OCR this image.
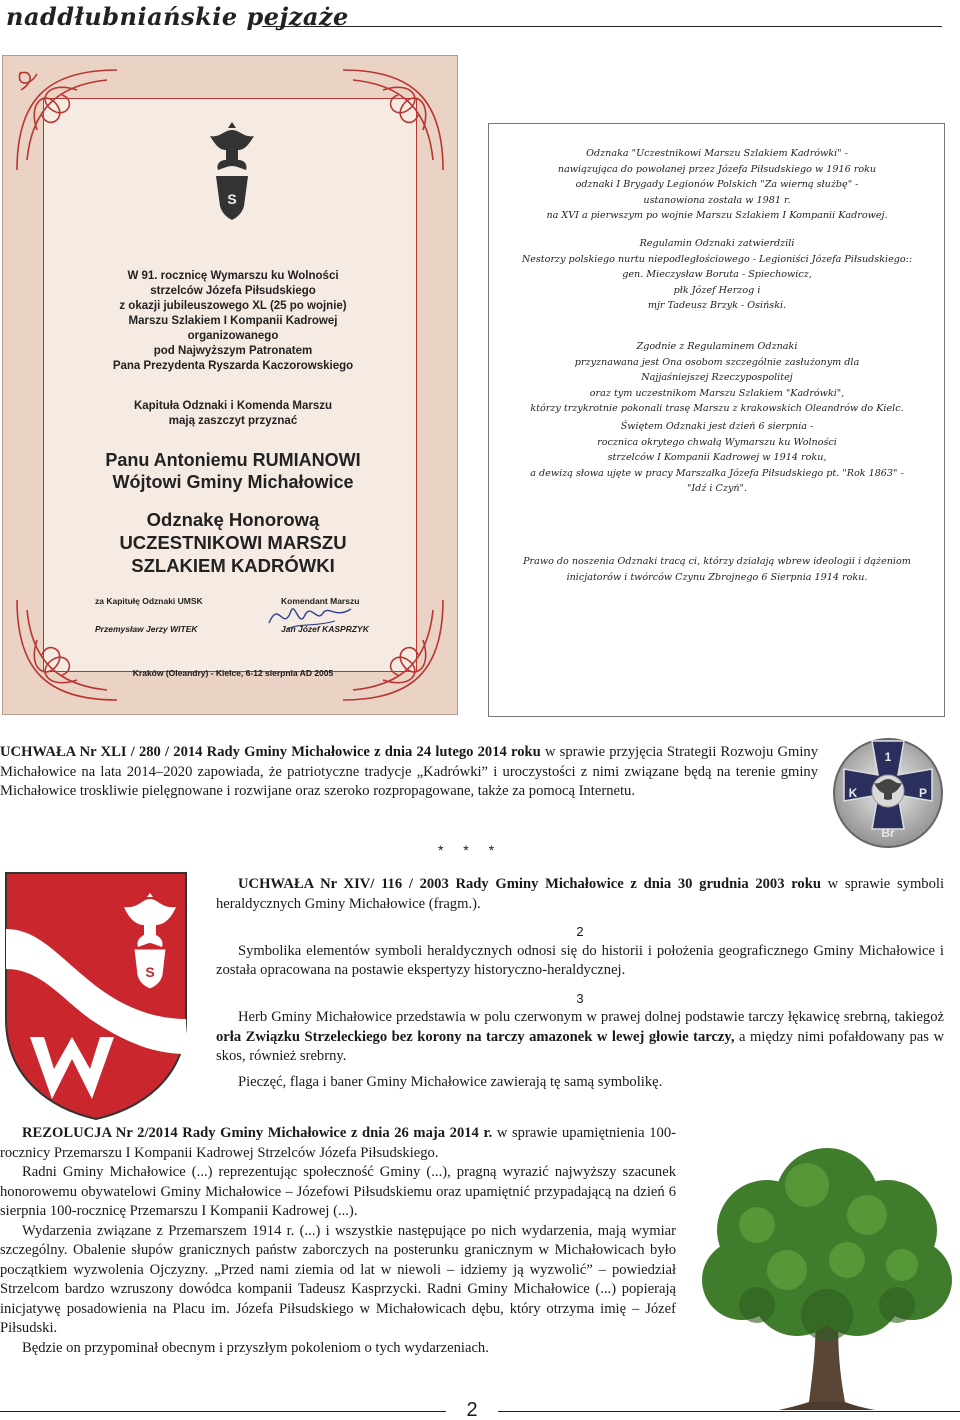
naddłubniańskie pejzaże
S
W 91. rocznicę Wymarszu ku Wolności
strzelców Józefa Piłsudskiego
z okazji jubileuszowego XL (25 po wojnie)
Marszu Szlakiem I Kompanii Kadrowej
organizowanego
pod Najwyższym Patronatem
Pana Prezydenta Ryszarda Kaczorowskiego
Kapituła Odznaki i Komenda Marszu
mają zaszczyt przyznać
Panu Antoniemu RUMIANOWI
Wójtowi Gminy Michałowice
Odznakę Honorową
UCZESTNIKOWI MARSZU
SZLAKIEM KADRÓWKI
za Kapitułę Odznaki UMSK
Przemysław Jerzy WITEK
Komendant Marszu
Jan Józef KASPRZYK
Kraków (Oleandry) - Kielce, 6-12 sierpnia AD 2005
Odznaka "Uczestnikowi Marszu Szlakiem Kadrówki" -
nawiązująca do powołanej przez Józefa Piłsudskiego w 1916 roku
odznaki I Brygady Legionów Polskich "Za wierną służbę" -
ustanowiona została w 1981 r.
na XVI a pierwszym po wojnie Marszu Szlakiem I Kompanii Kadrowej.
Regulamin Odznaki zatwierdzili
Nestorzy polskiego nurtu niepodległościowego - Legioniści Józefa Piłsudskiego::
gen. Mieczysław Boruta - Spiechowicz,
płk Józef Herzog i
mjr Tadeusz Brzyk - Osiński.
Zgodnie z Regulaminem Odznaki
przyznawana jest Ona osobom szczególnie zasłużonym dla
Najjaśniejszej Rzeczypospolitej
oraz tym uczestnikom Marszu Szlakiem "Kadrówki",
którzy trzykrotnie pokonali trasę Marszu z krakowskich Oleandrów do Kielc.
Świętem Odznaki jest dzień 6 sierpnia -
rocznica okrytego chwałą Wymarszu ku Wolności
strzelców I Kompanii Kadrowej w 1914 roku,
a dewizą słowa ujęte w pracy Marszałka Józefa Piłsudskiego pt. "Rok 1863" -
"Idź i Czyń".
Prawo do noszenia Odznaki tracą ci, którzy działają wbrew ideologii i dążeniom
inicjatorów i twórców Czynu Zbrojnego 6 Sierpnia 1914 roku.
UCHWAŁA Nr XLI / 280 / 2014 Rady Gminy Michałowice z dnia 24 lutego 2014 roku w sprawie przyjęcia Strategii Rozwoju Gminy Michałowice na lata 2014–2020 zapowiada, że patriotyczne tradycje „Kadrówki” i uroczystości z nimi związane będą na terenie gminy Michałowice troskliwie pielęgnowane i rozwijane oraz szeroko rozpropagowane, także za pomocą Internetu.
1
K	P
Br
* * *
S
UCHWAŁA Nr XIV/ 116 / 2003 Rady Gminy Michałowice z dnia 30 grudnia 2003 roku w sprawie symboli heraldycznych Gminy Michałowice (fragm.).
2
Symbolika elementów symboli heraldycznych odnosi się do historii i położenia geograficznego Gminy Michałowice i została opracowana na postawie ekspertyzy historyczno-heraldycznej.
3
Herb Gminy Michałowice przedstawia w polu czerwonym w prawej dolnej podstawie tarczy łękawicę srebrną, takiegoż orła Związku Strzeleckiego bez korony na tarczy amazonek w lewej głowie tarczy, a między nimi pofałdowany pas w skos, również srebrny.
Pieczęć, flaga i baner Gminy Michałowice zawierają tę samą symbolikę.
REZOLUCJA Nr 2/2014 Rady Gminy Michałowice z dnia 26 maja 2014 r. w sprawie upamiętnienia 100-rocznicy Przemarszu I Kompanii Kadrowej Strzelców Józefa Piłsudskiego.
Radni Gminy Michałowice (...) reprezentując społeczność Gminy (...), pragną wyrazić najwyższy szacunek honorowemu obywatelowi Gminy Michałowice – Józefowi Piłsudskiemu oraz upamiętnić przypadającą na dzień 6 sierpnia 100-rocznicę Przemarszu I Kompanii Kadrowej (...).
Wydarzenia związane z Przemarszem 1914 r. (...) i wszystkie następujące po nich wydarzenia, mają wymiar szczególny. Obalenie słupów granicznych państw zaborczych na posterunku granicznym w Michałowicach było początkiem wyzwolenia Ojczyzny. „Przed nami ziemia od lat w niewoli – idziemy ją wyzwolić” – powiedział Strzelcom bardzo wzruszony dowódca kompanii Tadeusz Kasprzycki. Radni Gminy Michałowice (...) popierają inicjatywę posadowienia na Placu im. Józefa Piłsudskiego w Michałowicach dębu, który otrzyma imię – Józef Piłsudski.
Będzie on przypominał obecnym i przyszłym pokoleniom o tych wydarzeniach.
2
